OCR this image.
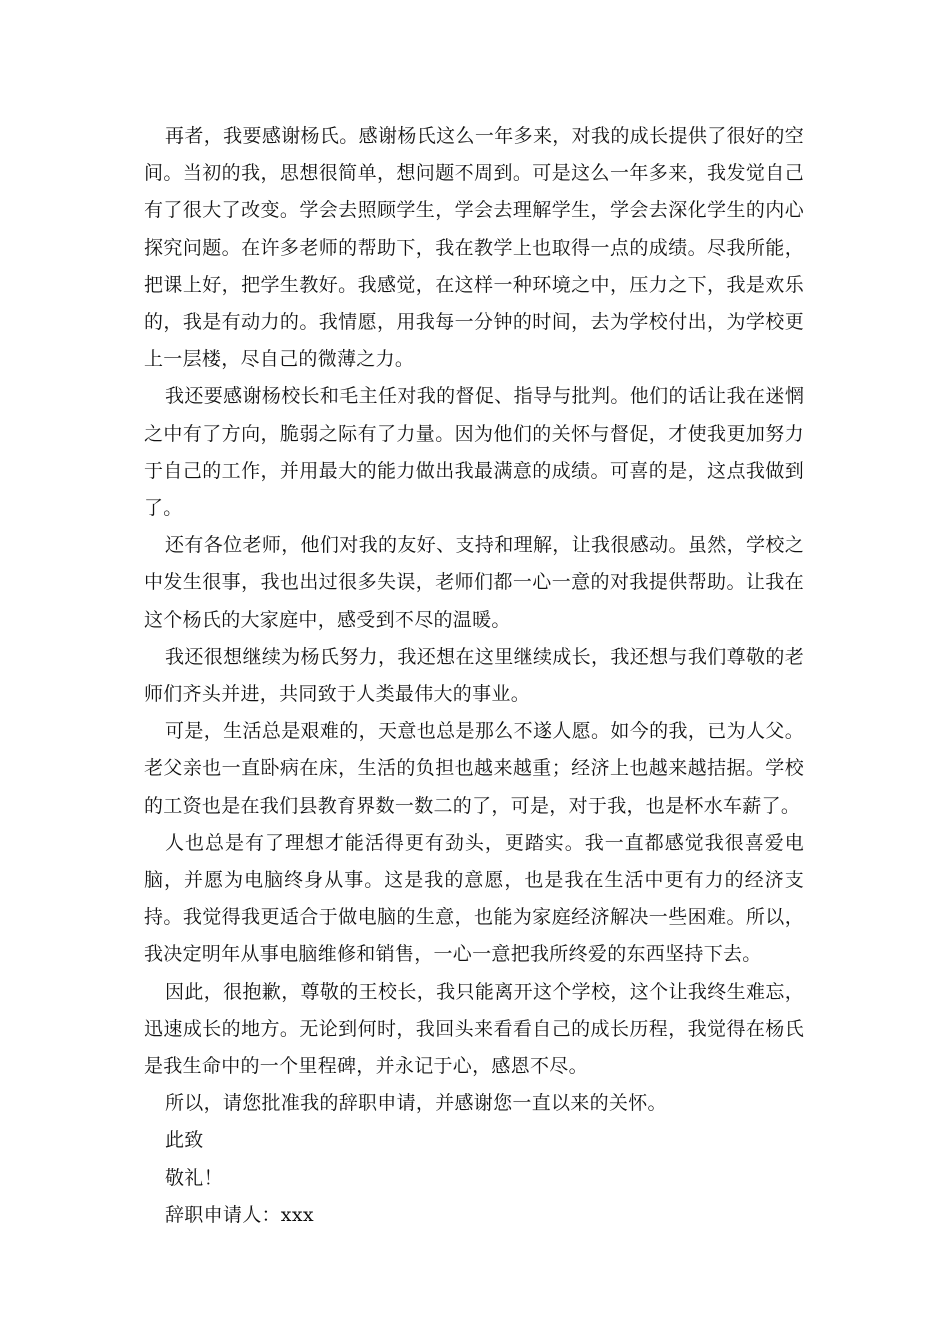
再者，我要感谢杨氏。感谢杨氏这么一年多来，对我的成长提供了很好的空间。当初的我，思想很简单，想问题不周到。可是这么一年多来，我发觉自己有了很大了改变。学会去照顾学生，学会去理解学生，学会去深化学生的内心探究问题。在许多老师的帮助下，我在教学上也取得一点的成绩。尽我所能，把课上好，把学生教好。我感觉，在这样一种环境之中，压力之下，我是欢乐的，我是有动力的。我情愿，用我每一分钟的时间，去为学校付出，为学校更上一层楼，尽自己的微薄之力。

我还要感谢杨校长和毛主任对我的督促、指导与批判。他们的话让我在迷惘之中有了方向，脆弱之际有了力量。因为他们的关怀与督促，才使我更加努力于自己的工作，并用最大的能力做出我最满意的成绩。可喜的是，这点我做到了。

还有各位老师，他们对我的友好、支持和理解，让我很感动。虽然，学校之中发生很事，我也出过很多失误，老师们都一心一意的对我提供帮助。让我在这个杨氏的大家庭中，感受到不尽的温暖。

我还很想继续为杨氏努力，我还想在这里继续成长，我还想与我们尊敬的老师们齐头并进，共同致于人类最伟大的事业。

可是，生活总是艰难的，天意也总是那么不遂人愿。如今的我，已为人父。老父亲也一直卧病在床，生活的负担也越来越重；经济上也越来越拮据。学校的工资也是在我们县教育界数一数二的了，可是，对于我，也是杯水车薪了。

人也总是有了理想才能活得更有劲头，更踏实。我一直都感觉我很喜爱电脑，并愿为电脑终身从事。这是我的意愿，也是我在生活中更有力的经济支持。我觉得我更适合于做电脑的生意，也能为家庭经济解决一些困难。所以，我决定明年从事电脑维修和销售，一心一意把我所终爱的东西坚持下去。

因此，很抱歉，尊敬的王校长，我只能离开这个学校，这个让我终生难忘，迅速成长的地方。无论到何时，我回头来看看自己的成长历程，我觉得在杨氏是我生命中的一个里程碑，并永记于心，感恩不尽。

所以，请您批准我的辞职申请，并感谢您一直以来的关怀。

此致

敬礼！

辞职申请人：xxx
